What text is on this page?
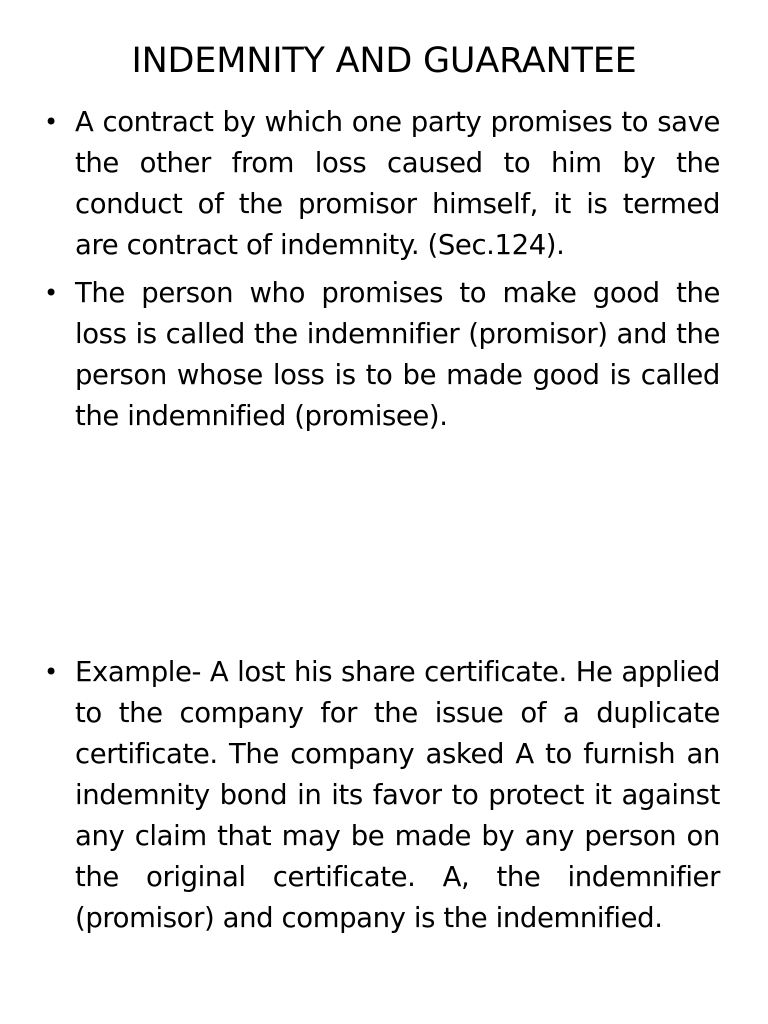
INDEMNITY AND GUARANTEE
• A contract by which one party promises to save the other from loss caused to him by the conduct of the promisor himself, it is termed are contract of indemnity. (Sec.124).
• The person who promises to make good the loss is called the indemnifier (promisor) and the person whose loss is to be made good is called the indemnified (promisee).
• Example- A lost his share certificate. He applied to the company for the issue of a duplicate certificate. The company asked A to furnish an indemnity bond in its favor to protect it against any claim that may be made by any person on the original certificate. A, the indemnifier (promisor) and company is the indemnified.
